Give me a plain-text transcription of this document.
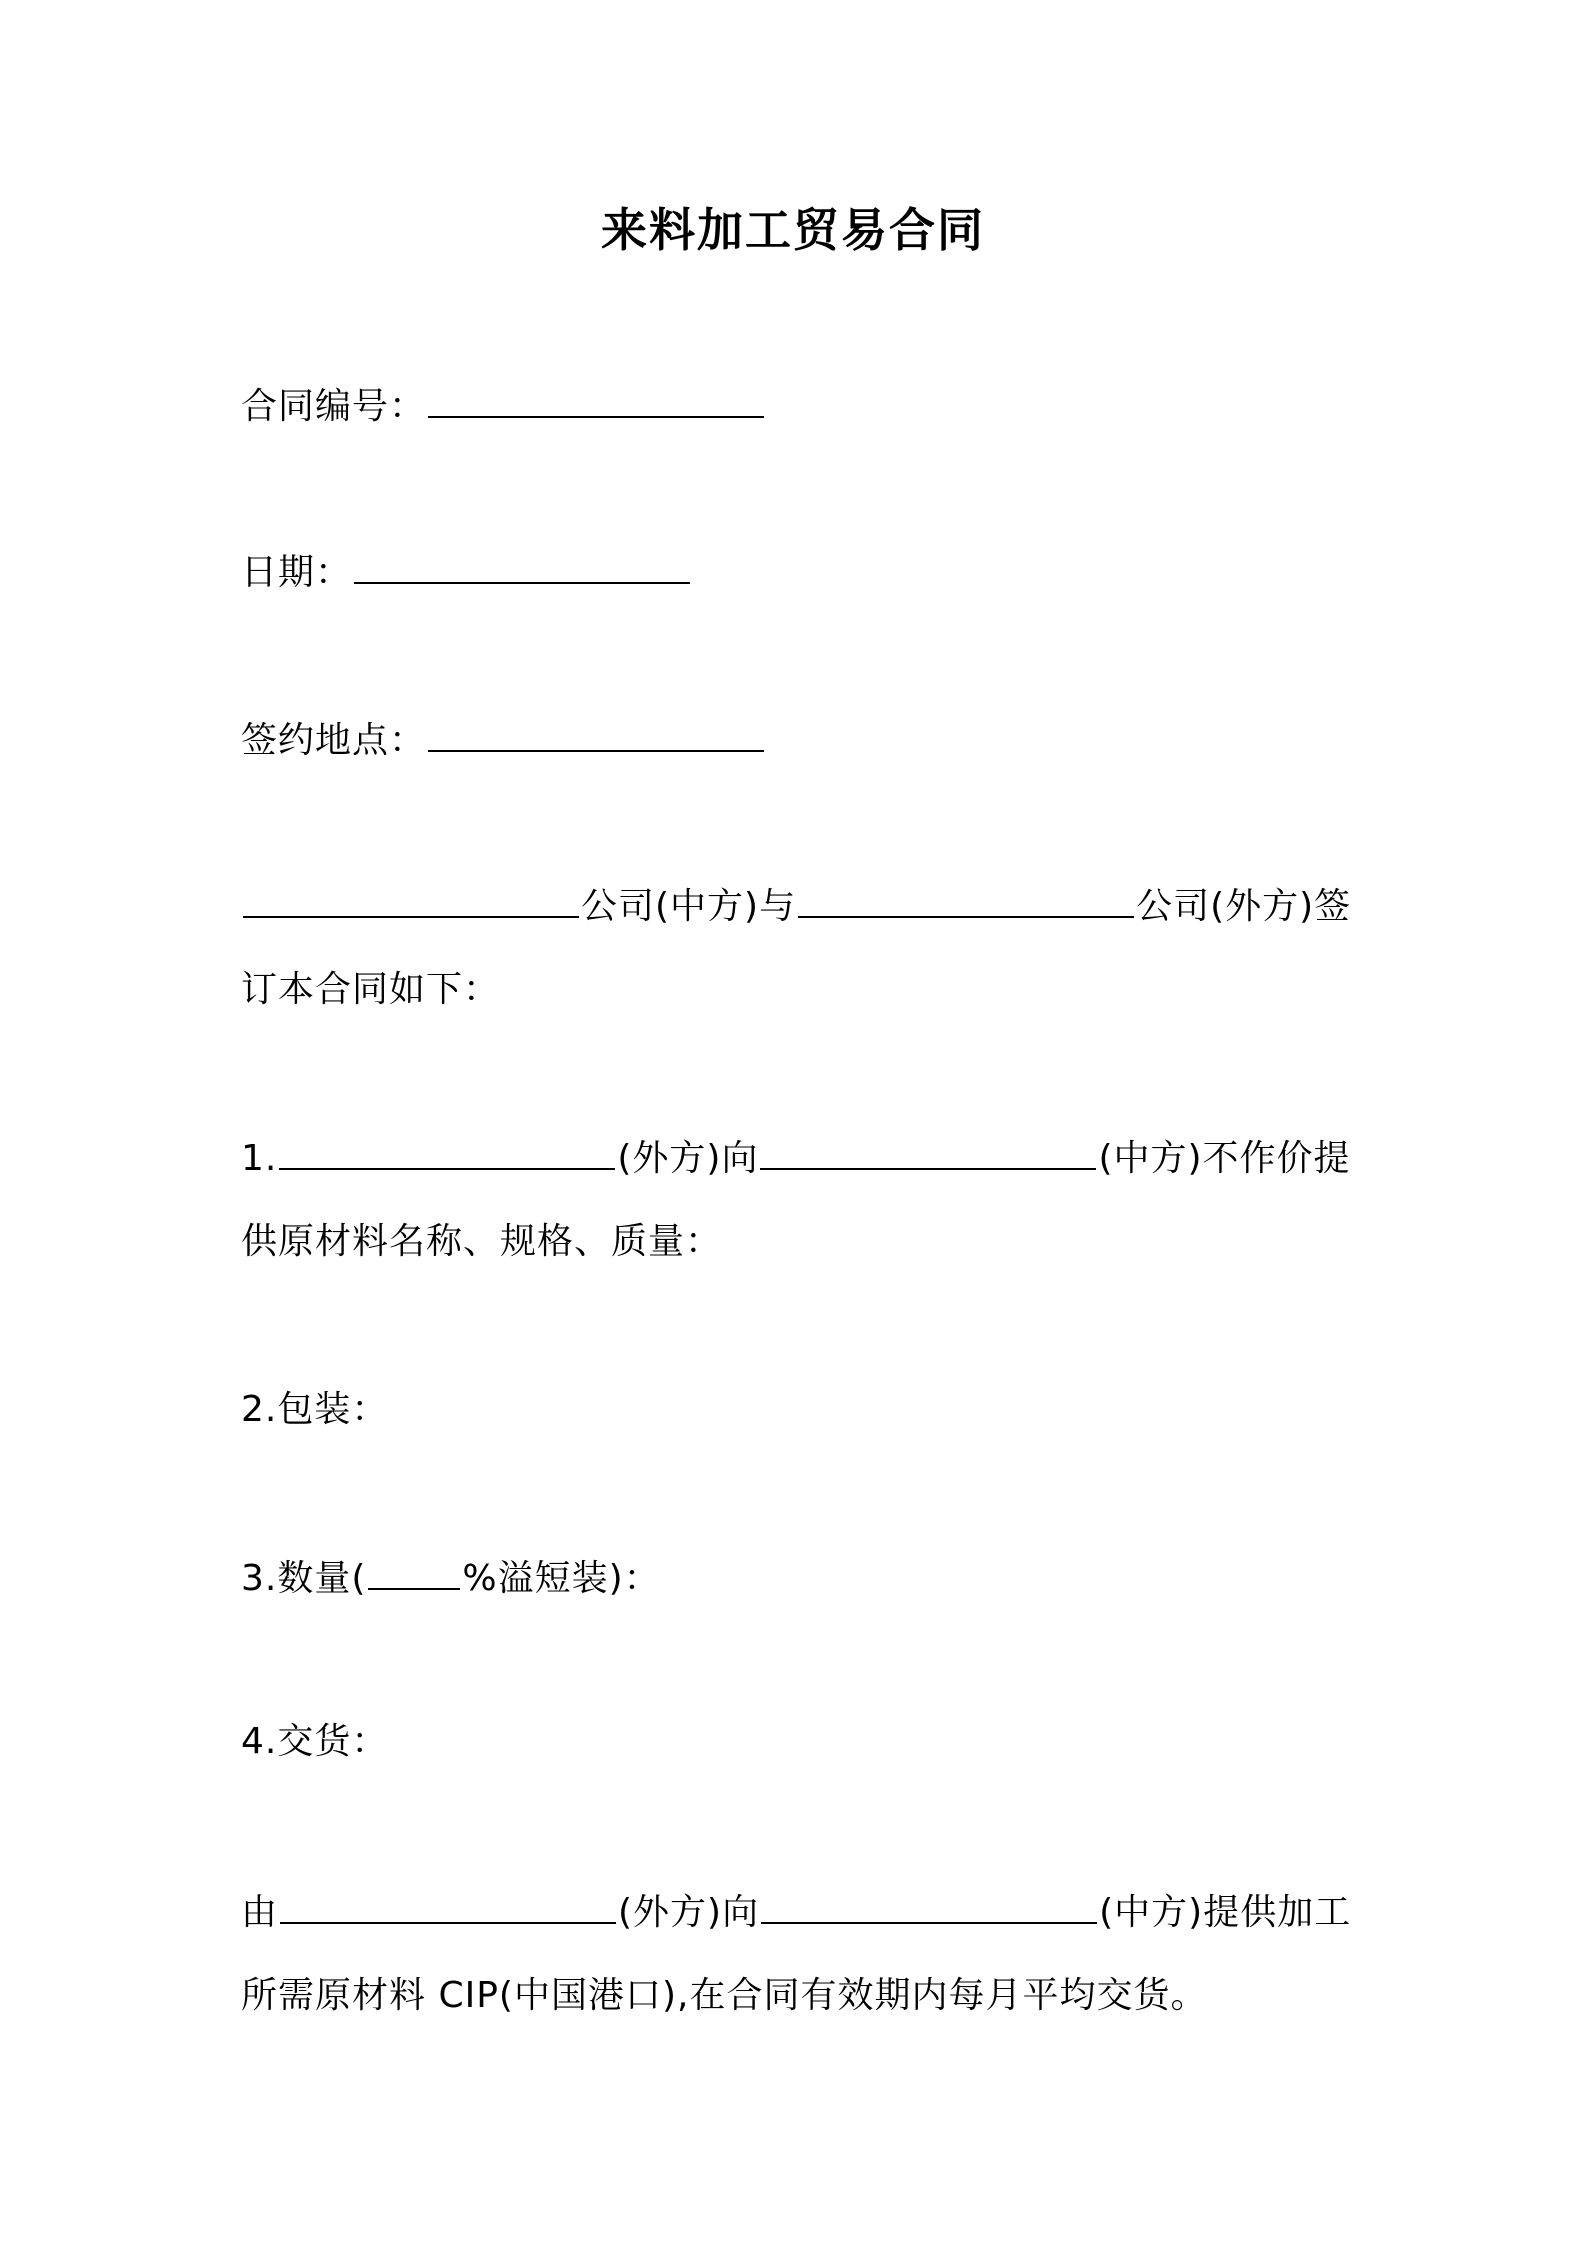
来料加工贸易合同
合同编号：
日期：
签约地点：
公司(中方)与	公司(外方)签
订本合同如下：
1.	(外方)向	(中方)不作价提
供原材料名称、规格、质量：
2.包装：
3.数量(	%溢短装)：
4.交货：
由	(外方)向	(中方)提供加工
所需原材料 CIP(中国港口),在合同有效期内每月平均交货。
